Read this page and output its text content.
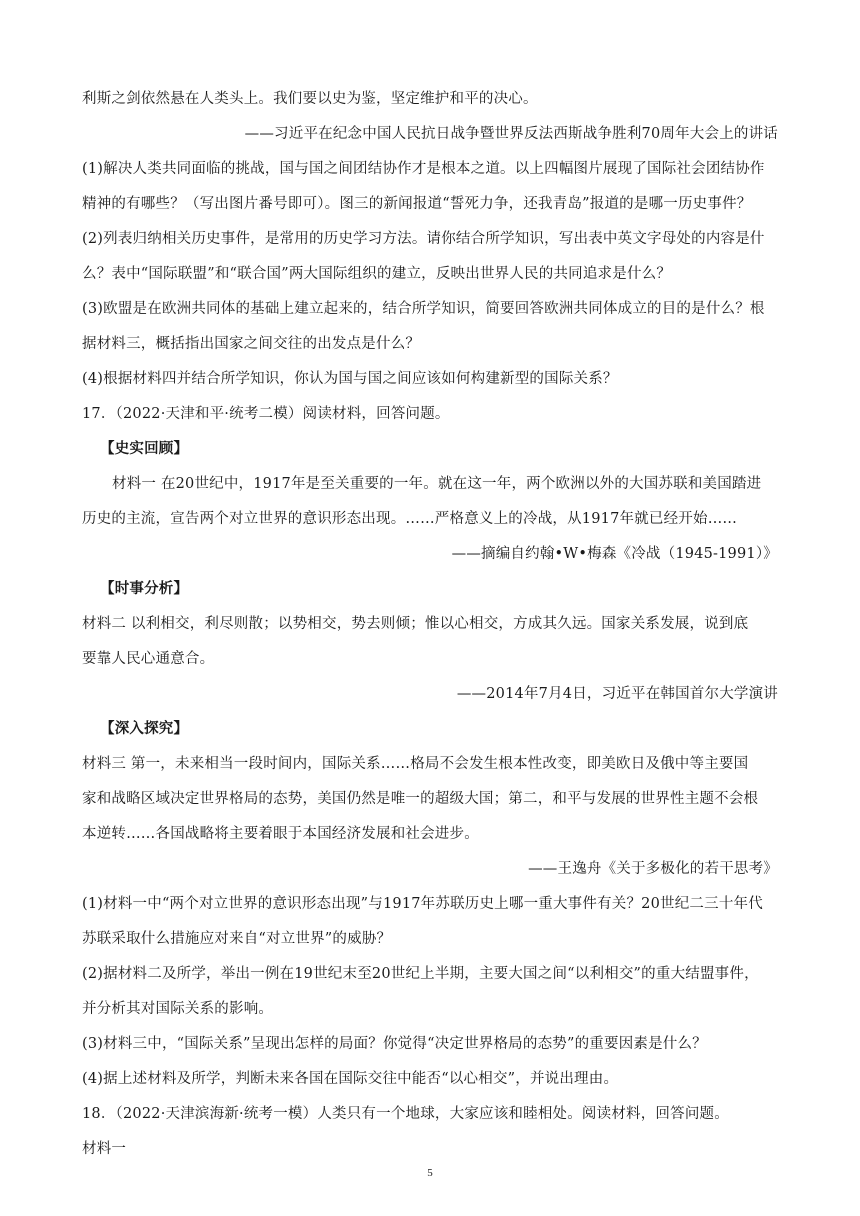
利斯之剑依然悬在人类头上。我们要以史为鉴，坚定维护和平的决心。
——习近平在纪念中国人民抗日战争暨世界反法西斯战争胜利70周年大会上的讲话
(1)解决人类共同面临的挑战，国与国之间团结协作才是根本之道。以上四幅图片展现了国际社会团结协作
精神的有哪些？（写出图片番号即可）。图三的新闻报道“誓死力争，还我青岛”报道的是哪一历史事件？
(2)列表归纳相关历史事件，是常用的历史学习方法。请你结合所学知识，写出表中英文字母处的内容是什
么？表中“国际联盟”和“联合国”两大国际组织的建立，反映出世界人民的共同追求是什么？
(3)欧盟是在欧洲共同体的基础上建立起来的，结合所学知识，简要回答欧洲共同体成立的目的是什么？根
据材料三，概括指出国家之间交往的出发点是什么？
(4)根据材料四并结合所学知识，你认为国与国之间应该如何构建新型的国际关系？
17．（2022·天津和平·统考二模）阅读材料，回答问题。
【史实回顾】
材料一 在20世纪中，1917年是至关重要的一年。就在这一年，两个欧洲以外的大国苏联和美国踏进
历史的主流，宣告两个对立世界的意识形态出现。……严格意义上的冷战，从1917年就已经开始……
——摘编自约翰•W•梅森《冷战（1945-1991）》
【时事分析】
材料二 以利相交，利尽则散；以势相交，势去则倾；惟以心相交，方成其久远。国家关系发展，说到底
要靠人民心通意合。
——2014年7月4日，习近平在韩国首尔大学演讲
【深入探究】
材料三 第一，未来相当一段时间内，国际关系……格局不会发生根本性改变，即美欧日及俄中等主要国
家和战略区域决定世界格局的态势，美国仍然是唯一的超级大国；第二，和平与发展的世界性主题不会根
本逆转……各国战略将主要着眼于本国经济发展和社会进步。
——王逸舟《关于多极化的若干思考》
(1)材料一中“两个对立世界的意识形态出现”与1917年苏联历史上哪一重大事件有关？20世纪二三十年代
苏联采取什么措施应对来自“对立世界”的威胁？
(2)据材料二及所学，举出一例在19世纪末至20世纪上半期，主要大国之间“以利相交”的重大结盟事件，
并分析其对国际关系的影响。
(3)材料三中，“国际关系”呈现出怎样的局面？你觉得“决定世界格局的态势”的重要因素是什么？
(4)据上述材料及所学，判断未来各国在国际交往中能否“以心相交”，并说出理由。
18．（2022·天津滨海新·统考一模）人类只有一个地球，大家应该和睦相处。阅读材料，回答问题。
材料一
5
